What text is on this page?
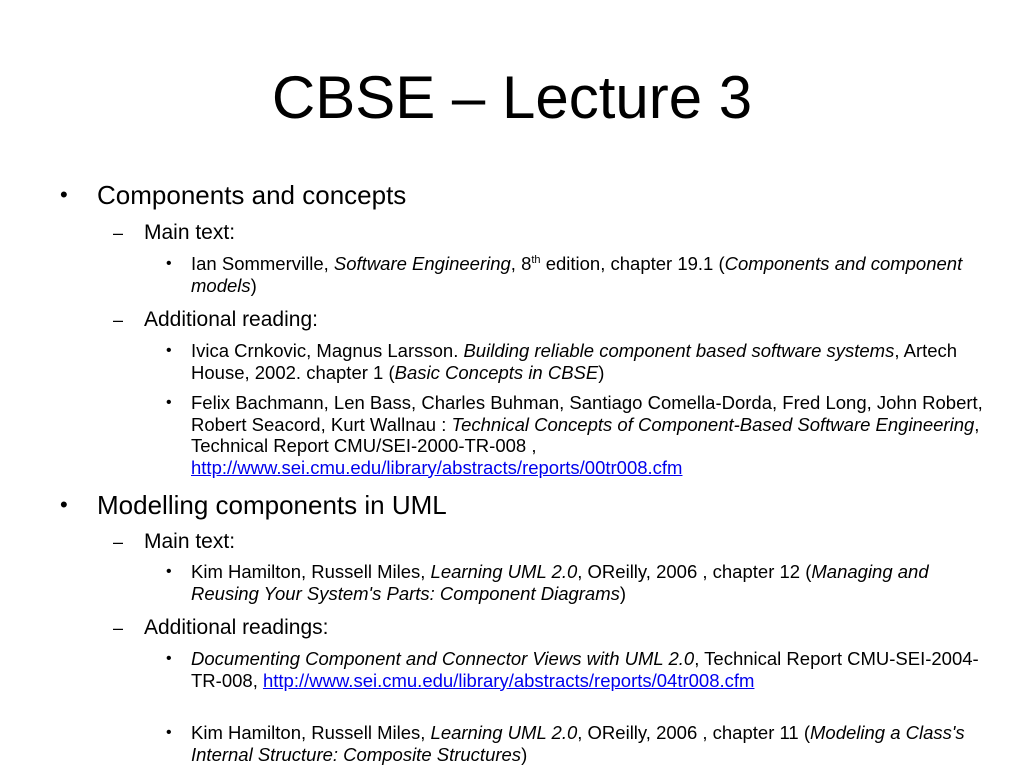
CBSE – Lecture 3
• Components and concepts
– Main text:
• Ian Sommerville, Software Engineering, 8th edition, chapter 19.1 (Components and component models)
– Additional reading:
• Ivica Crnkovic, Magnus Larsson. Building reliable component based software systems, Artech House, 2002. chapter 1 (Basic Concepts in CBSE)
• Felix Bachmann, Len Bass, Charles Buhman, Santiago Comella-Dorda, Fred Long, John Robert, Robert Seacord, Kurt Wallnau : Technical Concepts of Component-Based Software Engineering, Technical Report CMU/SEI-2000-TR-008 , http://www.sei.cmu.edu/library/abstracts/reports/00tr008.cfm
• Modelling components in UML
– Main text:
• Kim Hamilton, Russell Miles, Learning UML 2.0, OReilly, 2006 , chapter 12 (Managing and Reusing Your System's Parts: Component Diagrams)
– Additional readings:
• Documenting Component and Connector Views with UML 2.0, Technical Report CMU-SEI-2004-TR-008, http://www.sei.cmu.edu/library/abstracts/reports/04tr008.cfm
• Kim Hamilton, Russell Miles, Learning UML 2.0, OReilly, 2006 , chapter 11 (Modeling a Class's Internal Structure: Composite Structures)
